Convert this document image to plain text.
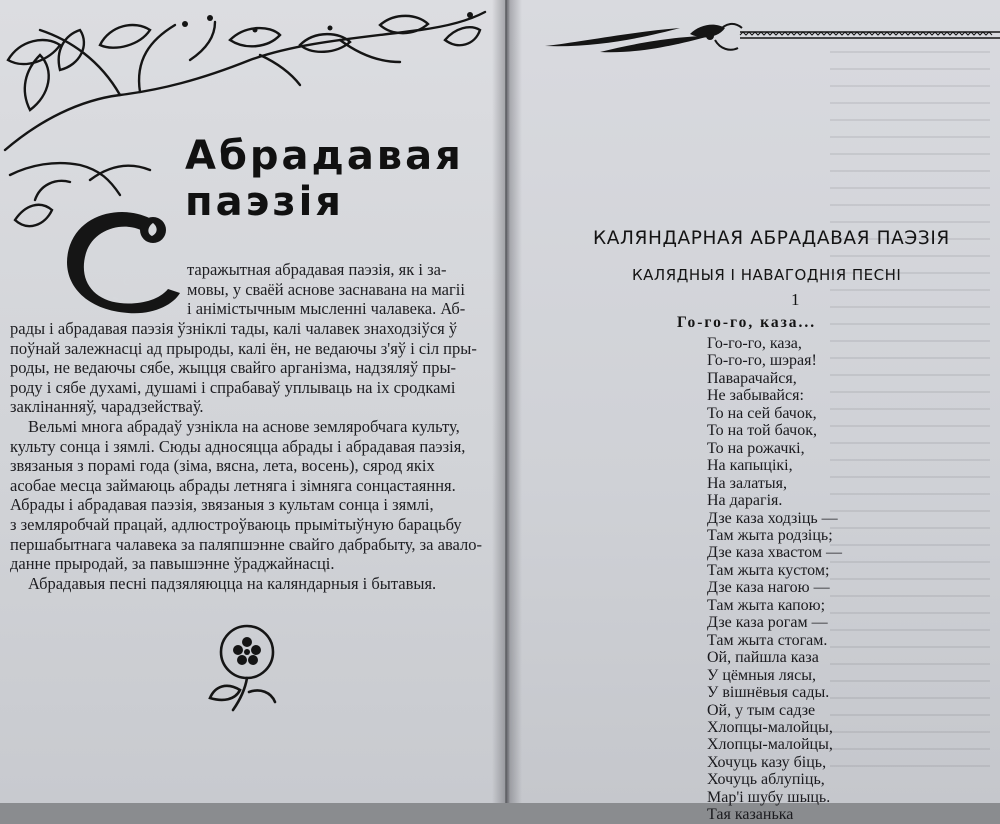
Абрадавая
паэзія
С
таражытная абрадавая паэзія, як і за-
мовы, у сваёй аснове заснавана на магіі
і анімістычным мысленні чалавека. Аб-
рады і абрадавая паэзія ўзніклі тады, калі чалавек знаходзіўся ў
поўнай залежнасці ад прыроды, калі ён, не ведаючы з'яў і сіл пры-
роды, не ведаючы сябе, жыцця свайго арганізма, надзяляў пры-
роду і сябе духамі, душамі і спрабаваў уплываць на іх сродкамі
заклінанняў, чарадзействаў.
Вельмі многа абрадаў узнікла на аснове земляробчага культу,
культу сонца і зямлі. Сюды адносяцца абрады і абрадавая паэзія,
звязаныя з порамі года (зіма, вясна, лета, восень), сярод якіх
асобае месца займаюць абрады летняга і зімняга сонцастаяння.
Абрады і абрадавая паэзія, звязаныя з культам сонца і зямлі,
з земляробчай працай, адлюстроўваюць прымітыўную барацьбу
першабытнага чалавека за паляпшэнне свайго дабрабыту, за авало-
данне прыродай, за павышэнне ўраджайнасці.
Абрадавыя песні падзяляюцца на каляндарныя і бытавыя.
КАЛЯНДАРНАЯ АБРАДАВАЯ ПАЭЗІЯ
КАЛЯДНЫЯ І НАВАГОДНІЯ ПЕСНІ
1
Го-го-го, каза...
Го-го-го, каза,
Го-го-го, шэрая!
Паварачайся,
Не забывайся:
То на сей бачок,
То на той бачок,
То на рожачкі,
На капыцікі,
На залатыя,
На дарагія.
Дзе каза ходзіць —
Там жыта родзіць;
Дзе каза хвастом —
Там жыта кустом;
Дзе каза нагою —
Там жыта капою;
Дзе каза рогам —
Там жыта стогам.
Ой, пайшла каза
У цёмныя лясы,
У вішнёвыя сады.
Ой, у тым садзе
Хлопцы-малойцы,
Хлопцы-малойцы,
Хочуць казу біць,
Хочуць аблупіць,
Мар'і шубу шыць.
Тая казанька
